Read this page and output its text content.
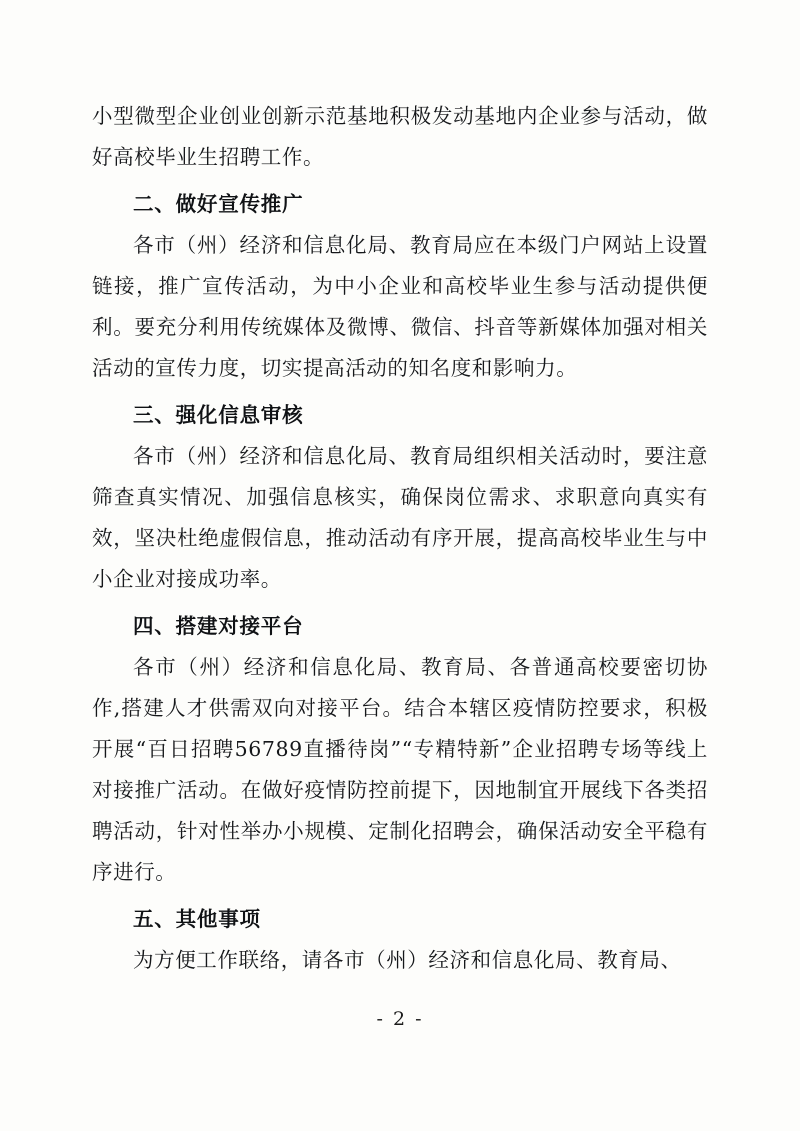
小型微型企业创业创新示范基地积极发动基地内企业参与活动，做好高校毕业生招聘工作。

二、做好宣传推广

各市（州）经济和信息化局、教育局应在本级门户网站上设置链接，推广宣传活动，为中小企业和高校毕业生参与活动提供便利。要充分利用传统媒体及微博、微信、抖音等新媒体加强对相关活动的宣传力度，切实提高活动的知名度和影响力。

三、强化信息审核

各市（州）经济和信息化局、教育局组织相关活动时，要注意筛查真实情况、加强信息核实，确保岗位需求、求职意向真实有效，坚决杜绝虚假信息，推动活动有序开展，提高高校毕业生与中小企业对接成功率。

四、搭建对接平台

各市（州）经济和信息化局、教育局、各普通高校要密切协作,搭建人才供需双向对接平台。结合本辖区疫情防控要求，积极开展“百日招聘56789直播待岗”“专精特新”企业招聘专场等线上对接推广活动。在做好疫情防控前提下，因地制宜开展线下各类招聘活动，针对性举办小规模、定制化招聘会，确保活动安全平稳有序进行。

五、其他事项

为方便工作联络，请各市（州）经济和信息化局、教育局、

- 2 -
